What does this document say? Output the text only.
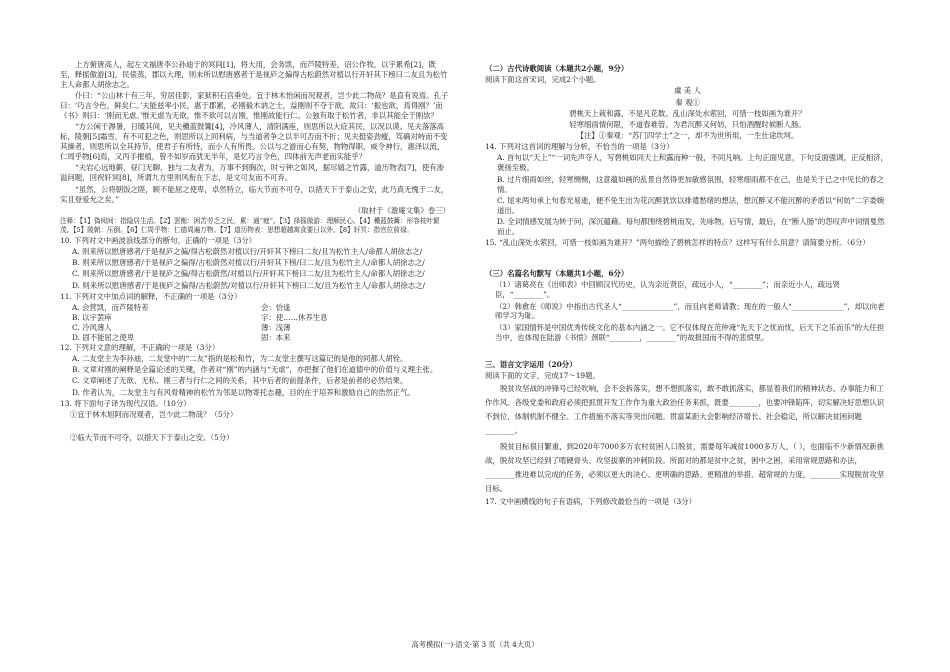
上方俯唐高人，起左文福唐李公孙迪于的冥间[1]，将大用，会务凯，而芦陵特差，诏公作牧，以宇累希[2]，既至，释摇傲游[3]，民俵蒸，郡以大理，则未所以慰唐感者于是视庐之偏得古松蔚然对植以行开轩其下榜曰二友且为松竹主人命都人胡徐志之。

仆曰：“公山林十有三年，穷居佳影，家狱积石宫垂处。宜于林木怡闲而况观者，岂少此二物哉？是直有说焉。孔子曰：‘巧言令色，鲜矣仁。’夫能兹率小民，惠于郡累，必刚毅木讷之士，益刚则不夺于欲。故曰：‘振也欲，焉得刚？’而《书》则曰：‘刚而无虐。’惟无虐为无欲，惟不欲可以言刚，惟刚故能行仁。公独有取于松竹者，非以其能全于刚欤？

“方公闲于溽暑，日暖其间，见夫穠蓝鼓篝[4]，冷风薄人，清阴满座，则思所以大庇其民，以况以谟。见夫落落高标，陵朝[5]霜雪，有不可犯之色，则思所以上同利病，与当道者争之以半可否而不折；见夫挺姿劲瘦，笃确对峙而不变其操者，则思所以全其持节，使君子有所恃，而小人有所畏。公以与之游而心有契，物物得职，威令神行，惠泽以流，仁周乎物[6]焉，又丙手摧植，曾不如岁而犹无半年，是忆巧言令色，四体前无声老而实能乎？

“夫岩心远地僻，昼门无聊，独与二友者为，万事不到胸次，时亏钟之如风，据尽嬉之竹露，道历物表[7]，使有渗溢问题，回祝轩冥[8]，所谓九方里则风衔在下志，是文可友而不可弃。

“虽然，公将朝饭之陛，顾不能屈之使卑，卓然特立，临大节而不可夺，以措天下于泰山之安，此乃真无愧于二友，实且登爱允之矣。”

（取材于《澹庵文集》卷三）

注释：【1】偽阅间：指隐居生活。【2】罢衡：困苦劳乏之民。累：通“疲”。【3】择摇傲游：理顺民心。【4】穠蓝鼓篝：形容枝叶繁茂。【5】陵朝：压倒。【6】仁周乎物：仁德周遍万物。【7】道历物表：思想超越寓食要日以外。【8】轩冥：指官位前禄。

10. 下列对文中画波浪线部分的断句，正确的一项是（3分）

A. 则来所以慰唐感者/于是视庐之偏/得古松蔚然对植以行/开轩其下榜曰二友/且为松竹主人/命都人胡徐志之/

B. 则来所以慰唐感者/于是视庐之偏得/古松蔚然对植以行/开轩其下榜/曰二友/且为松竹主人/命都人胡徐志之/

C. 则来所以慰唐感者/于是视庐之偏/得古松蔚然/对植以行/开轩其下榜曰二友/且为松竹主人/命都人胡徐志之/

D. 则来所以慰唐感者/于是视庐之偏得/古松蔚然/对植以行/开轩其下榜曰二友/且为松竹主人/命都人胡徐志之/

11. 下列对文中加点词的解释，不正确的一项是（3分）

A. 会营凯，而芦陵特差	会：恰逢
B. 以宇罢瘁	字：使……休养生息
C. 冷风薄人	薄：浅薄
D. 固不能屈之使卑	固：本来

12. 下列对文意的理解，不正确的一项是（3分）

A. 二友堂主为李孙迪，二友堂中的“二友”指的是松和竹，为二友堂主撰写这篇记的是他的同都人胡铨。

B. 文章对刚的阐释是全篇论述的关键，作者对“刚”的内涵与“无虐”，亦把握了他们在道德中的价值与义理主张。

C. 文章阐述了无欲、无私、刚三者与行仁之间的关系，其中后者的前提条件，后者是前者的必然结果。

D. 作者认为，二友堂主与有风骨精神的松竹为邻是以物寄托志趣，目的在于培养和激励自己的浩然正气。

13. 将下面句子译为现代汉语。（10分）

①宜于林木旭阿而况观者，岂少此二物哉？（5分）

②临大节而不可夺，以措天下于泰山之安。（5分）

（二）古代诗歌阅读（本题共2小题，9分）

阅读下面这首宋词，完成2个小题。

虞 美 人

秦 观①

碧桃天上栽和露，不是凡花数。乱山深处水萦回，可惜一枝如画为谁开？

轻寒细雨情何限，不道春难管。为君沉醉又何妨，只怕酒醒时候断人肠。

【注】①秦观：“苏门四学士”之一，却不为世所用，一生仕途坎坷。

14. 下列对这首词的理解与分析，不恰当的一项是（3分）

A. 首句以“天上”“一词先声夺人，写碧桃如同天上和露而种一般，不同凡响。上句正面见意，下句反面强调，正反相济，褒扬至极。

B. 过片细雨如丝，轻寒恻恻，这意蕴如画的乱景自然得更加敏感氛围，轻寒细雨都不在己，也是关于已之中见长的春之情。

C. 尾末两句承上句春光易逝，便不免生出为花沉醉犹饮以排遣愁绪的想法，想沉醉又不能沉醉的矛盾以“何妨”二字委婉道出。

D. 全词情感发展为转于问，深沉蕴藉。每句都围绕碧桃而发，先咏物，后写情，最后，在“断人肠”的怨叹声中词情戛然而止。

15. “乱山深处水萦回，可惜一枝如画为谁开？”两句描绘了碧桃怎样的特点？这样写有什么用意？请简要分析。（6分）

（三）名篇名句默写（本题共1小题，6分）

（1）诸葛亮在《出师表》中回顾汉代历史，认为亲近贤臣，疏远小人，“________”；而亲近小人，疏远贤臣，“________”。

（2）韩愈在《师说》中指出古代圣人“______________”，而且向老师请教；现在的一般人“______________”，却以向老师学习为耻。

（3）家国情怀是中国优秀传统文化的基本内涵之一。它不仅体现在范仲淹“先天下之忧而忧，后天下之乐而乐”的大任担当中，也体现在陆游《书愤》颈联“________，________”的故报国而不得的悲愤里。

三、语言文字运用（20分）

阅读下面的文字，完成17～19题。

脱贫攻坚战的冲锋号已经吹响，会不会拆落实，想不想抓落实，敢不敢抓落实，都显着我们的精神状态、办事能力和工作作风。各级党委和政府必须把抓贯开发工作作为重大政治任务来抓，既要________，也要冲锋陷阵，切实解决好思想认识不到位、体制机制不健全、工作措施不落实等突出问题。贯富某距大会影响经济增长、社会稳定，所以解决贫困问题________。

脱贫目标很目繁重，到2020年7000多万农村贫困人口脱贫，需要每年减贫1000多万人。（ ），也面临不少新情况新挑战，脱贫攻坚已经到了啃硬骨头、攻坚拔寨的冲刺阶段。所面对的都是贫中之贫，困中之困，采用常规思路和办法，________推进难以完成的任务，必须以更大的决心、更明确的思路、更精准的举措、超常规的力度，________实现脱贫攻坚目标。

17. 文中画横线的句子有语病，下列修改最恰当的一项是（3分）

高考模拟(一)·语文·第 3 页（共 4大页）
